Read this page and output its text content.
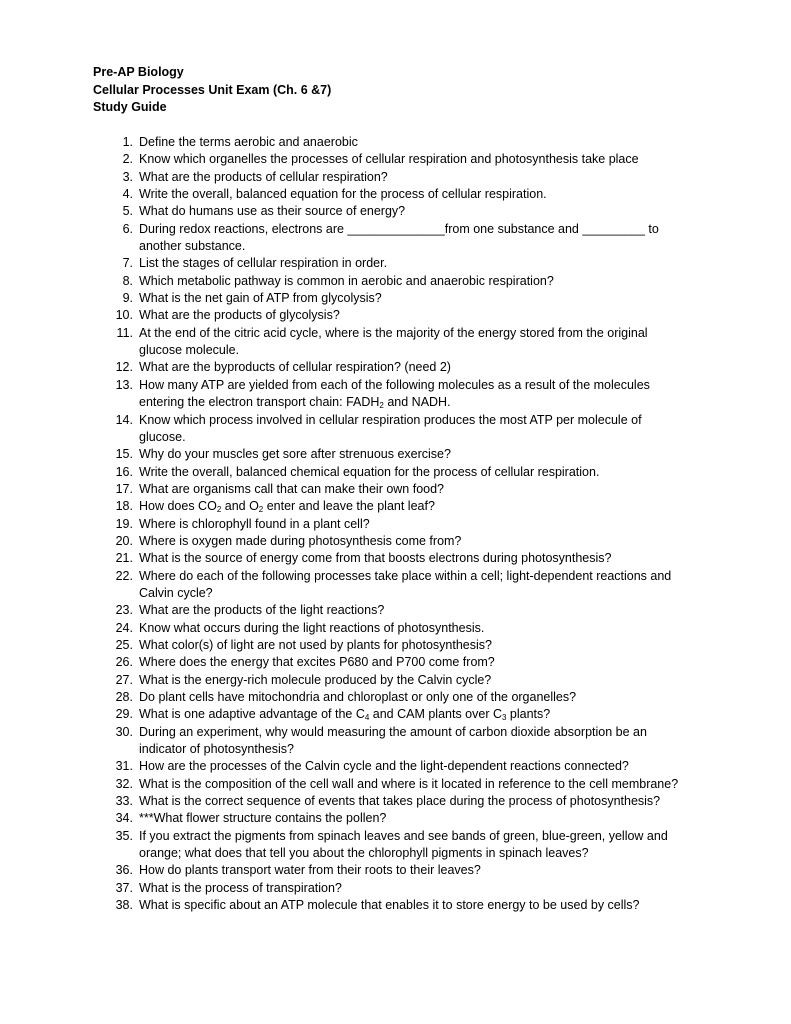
Pre-AP Biology
Cellular Processes Unit Exam (Ch. 6 &7)
Study Guide
1. Define the terms aerobic and anaerobic
2. Know which organelles the processes of cellular respiration and photosynthesis take place
3. What are the products of cellular respiration?
4. Write the overall, balanced equation for the process of cellular respiration.
5. What do humans use as their source of energy?
6. During redox reactions, electrons are ______________from one substance and _________ to another substance.
7. List the stages of cellular respiration in order.
8. Which metabolic pathway is common in aerobic and anaerobic respiration?
9. What is the net gain of ATP from glycolysis?
10. What are the products of glycolysis?
11. At the end of the citric acid cycle, where is the majority of the energy stored from the original glucose molecule.
12. What are the byproducts of cellular respiration? (need 2)
13. How many ATP are yielded from each of the following molecules as a result of the molecules entering the electron transport chain: $FADH_2$ and NADH.
14. Know which process involved in cellular respiration produces the most ATP per molecule of glucose.
15. Why do your muscles get sore after strenuous exercise?
16. Write the overall, balanced chemical equation for the process of cellular respiration.
17. What are organisms call that can make their own food?
18. How does $CO_2$ and $O_2$ enter and leave the plant leaf?
19. Where is chlorophyll found in a plant cell?
20. Where is oxygen made during photosynthesis come from?
21. What is the source of energy come from that boosts electrons during photosynthesis?
22. Where do each of the following processes take place within a cell; light-dependent reactions and Calvin cycle?
23. What are the products of the light reactions?
24. Know what occurs during the light reactions of photosynthesis.
25. What color(s) of light are not used by plants for photosynthesis?
26. Where does the energy that excites P680 and P700 come from?
27. What is the energy-rich molecule produced by the Calvin cycle?
28. Do plant cells have mitochondria and chloroplast or only one of the organelles?
29. What is one adaptive advantage of the $C_4$ and CAM plants over $C_3$ plants?
30. During an experiment, why would measuring the amount of carbon dioxide absorption be an indicator of photosynthesis?
31. How are the processes of the Calvin cycle and the light-dependent reactions connected?
32. What is the composition of the cell wall and where is it located in reference to the cell membrane?
33. What is the correct sequence of events that takes place during the process of photosynthesis?
34. ***What flower structure contains the pollen?
35. If you extract the pigments from spinach leaves and see bands of green, blue-green, yellow and orange; what does that tell you about the chlorophyll pigments in spinach leaves?
36. How do plants transport water from their roots to their leaves?
37. What is the process of transpiration?
38. What is specific about an ATP molecule that enables it to store energy to be used by cells?
